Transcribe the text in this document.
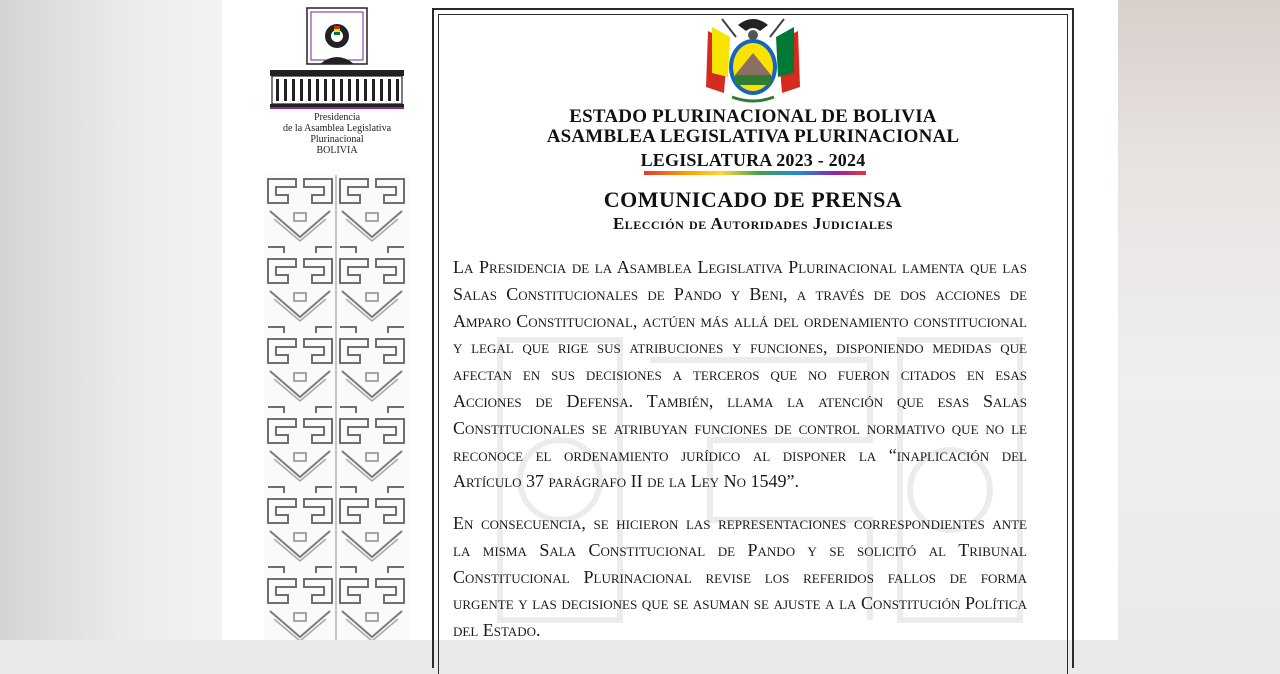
Presidencia
de la Asamblea Legislativa Plurinacional
BOLIVIA
ESTADO PLURINACIONAL DE BOLIVIA
ASAMBLEA LEGISLATIVA PLURINACIONAL
LEGISLATURA 2023 - 2024
COMUNICADO DE PRENSA
Elección de Autoridades Judiciales

La Presidencia de la Asamblea Legislativa Plurinacional lamenta que las Salas Constitucionales de Pando y Beni, a través de dos acciones de Amparo Constitucional, actúen más allá del ordenamiento constitucional y legal que rige sus atribuciones y funciones, disponiendo medidas que afectan en sus decisiones a terceros que no fueron citados en esas Acciones de Defensa. También, llama la atención que esas Salas Constitucionales se atribuyan funciones de control normativo que no le reconoce el ordenamiento jurídico al disponer la “inaplicación del Artículo 37 parágrafo II de la Ley No 1549”.

En consecuencia, se hicieron las representaciones correspondientes ante la misma Sala Constitucional de Pando y se solicitó al Tribunal Constitucional Plurinacional revise los referidos fallos de forma urgente y las decisiones que se asuman se ajuste a la Constitución Política del Estado.
